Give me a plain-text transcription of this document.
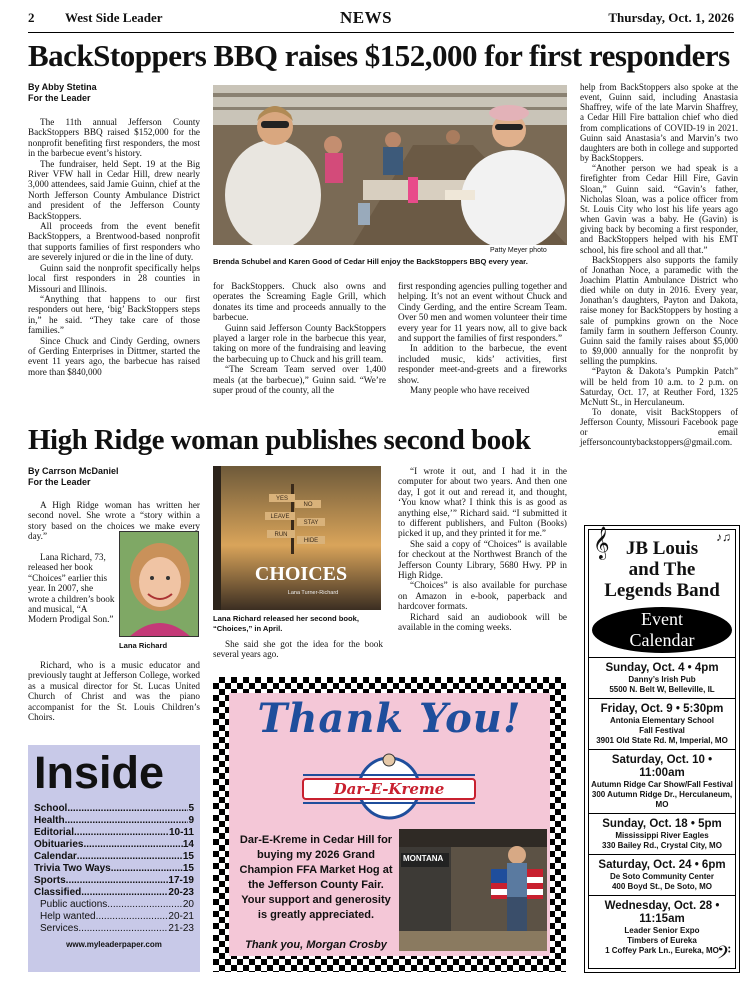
2 West Side Leader	NEWS	Thursday, Oct. 1, 2026
BackStoppers BBQ raises $152,000 for first responders
By Abby Stetina
For the Leader

The 11th annual Jefferson County BackStoppers BBQ raised $152,000 for the nonprofit benefiting first responders, the most in the barbecue event’s history.

The fundraiser, held Sept. 19 at the Big River VFW hall in Cedar Hill, drew nearly 3,000 attendees, said Jamie Guinn, chief at the North Jefferson County Ambulance District and president of the Jefferson County BackStoppers.

All proceeds from the event benefit BackStoppers, a Brentwood-based nonprofit that supports families of first responders who are severely injured or die in the line of duty.

Guinn said the nonprofit specifically helps local first responders in 28 counties in Missouri and Illinois.

“Anything that happens to our first responders out here, ‘big’ BackStoppers steps in,” he said. “They take care of those families.”

Since Chuck and Cindy Gerding, owners of Gerding Enterprises in Dittmer, started the event 11 years ago, the barbecue has raised more than $840,000

Patty Meyer photo
Brenda Schubel and Karen Good of Cedar Hill enjoy the BackStoppers BBQ every year.

for BackStoppers. Chuck also owns and operates the Screaming Eagle Grill, which donates its time and proceeds annually to the barbecue.

Guinn said Jefferson County BackStoppers played a larger role in the barbecue this year, taking on more of the fundraising and leaving the barbecuing up to Chuck and his grill team.

“The Scream Team served over 1,400 meals (at the barbecue),” Guinn said. “We’re super proud of the county, all the

first responding agencies pulling together and helping. It’s not an event without Chuck and Cindy Gerding, and the entire Scream Team. Over 50 men and women volunteer their time every year for 11 years now, all to give back and support the families of first responders.”

In addition to the barbecue, the event included music, kids’ activities, first responder meet-and-greets and a fireworks show.

Many people who have received

help from BackStoppers also spoke at the event, Guinn said, including Anastasia Shaffrey, wife of the late Marvin Shaffrey, a Cedar Hill Fire battalion chief who died from complications of COVID-19 in 2021. Guinn said Anastasia’s and Marvin’s two daughters are both in college and supported by BackStoppers.

“Another person we had speak is a firefighter from Cedar Hill Fire, Gavin Sloan,” Guinn said. “Gavin’s father, Nicholas Sloan, was a police officer from St. Louis City who lost his life years ago when Gavin was a baby. He (Gavin) is giving back by becoming a first responder, and BackStoppers helped with his EMT school, his fire school and all that.”

BackStoppers also supports the family of Jonathan Noce, a paramedic with the Joachim Plattin Ambulance District who died while on duty in 2016. Every year, Jonathan’s daughters, Payton and Dakota, raise money for BackStoppers by hosting a sale of pumpkins grown on the Noce family farm in southern Jefferson County. Guinn said the family raises about $5,000 to $9,000 annually for the nonprofit by selling the pumpkins.

“Payton & Dakota’s Pumpkin Patch” will be held from 10 a.m. to 2 p.m. on Saturday, Oct. 17, at Reuther Ford, 1325 McNutt St., in Herculaneum.

To donate, visit BackStoppers of Jefferson County, Missouri Facebook page or email jeffersoncountybackstoppers@gmail.com.

High Ridge woman publishes second book
By Carrson McDaniel
For the Leader

A High Ridge woman has written her second novel. She wrote a “story within a story based on the choices we make every day.”

Lana Richard, 73, released her book “Choices” earlier this year. In 2007, she wrote a children’s book and musical, “A Modern Prodigal Son.”

Lana Richard

Richard, who is a music educator and previously taught at Jefferson College, worked as a musical director for St. Lucas United Church of Christ and was the piano accompanist for the St. Louis Children’s Choirs.

YES
NO
LEAVE
STAY
RUN
HIDE
CHOICES
Lana Turner-Richard
Lana Richard released her second book, “Choices,” in April.

She said she got the idea for the book several years ago.

“I wrote it out, and I had it in the computer for about two years. And then one day, I got it out and reread it, and thought, ‘You know what? I think this is as good as anything else,’” Richard said. “I submitted it to different publishers, and Fulton (Books) picked it up, and they printed it for me.”

She said a copy of “Choices” is available for checkout at the Northwest Branch of the Jefferson County Library, 5680 Hwy. PP in High Ridge.

“Choices” is also available for purchase on Amazon in e-book, paperback and hardcover formats.

Richard said an audiobook will be available in the coming weeks.

Inside
School .....	5
Health .....	9
Editorial .....	10-11
Obituaries .....	14
Calendar .....	15
Trivia Two Ways .....	15
Sports .....	17-19
Classified .....	20-23
Public auctions .....	20
Help wanted .....	20-21
Services .....	21-23
www.myleaderpaper.com
Thank You!
Dar-E-Kreme
Dar-E-Kreme in Cedar Hill for buying my 2026 Grand Champion FFA Market Hog at the Jefferson County Fair. Your support and generosity is greatly appreciated.
Thank you, Morgan Crosby
MONTANA
𝄞	♪♫
JB Louis
and The
Legends Band
Event
Calendar
Sunday, Oct. 4 • 4pm
Danny’s Irish Pub
5500 N. Belt W, Belleville, IL
Friday, Oct. 9 • 5:30pm
Antonia Elementary School
Fall Festival
3901 Old State Rd. M, Imperial, MO
Saturday, Oct. 10 • 11:00am
Autumn Ridge Car Show/Fall Festival
300 Autumn Ridge Dr., Herculaneum, MO
Sunday, Oct. 18 • 5pm
Mississippi River Eagles
330 Bailey Rd., Crystal City, MO
Saturday, Oct. 24 • 6pm
De Soto Community Center
400 Boyd St., De Soto, MO
Wednesday, Oct. 28 • 11:15am
Leader Senior Expo
Timbers of Eureka
1 Coffey Park Ln., Eureka, MO
𝄢
